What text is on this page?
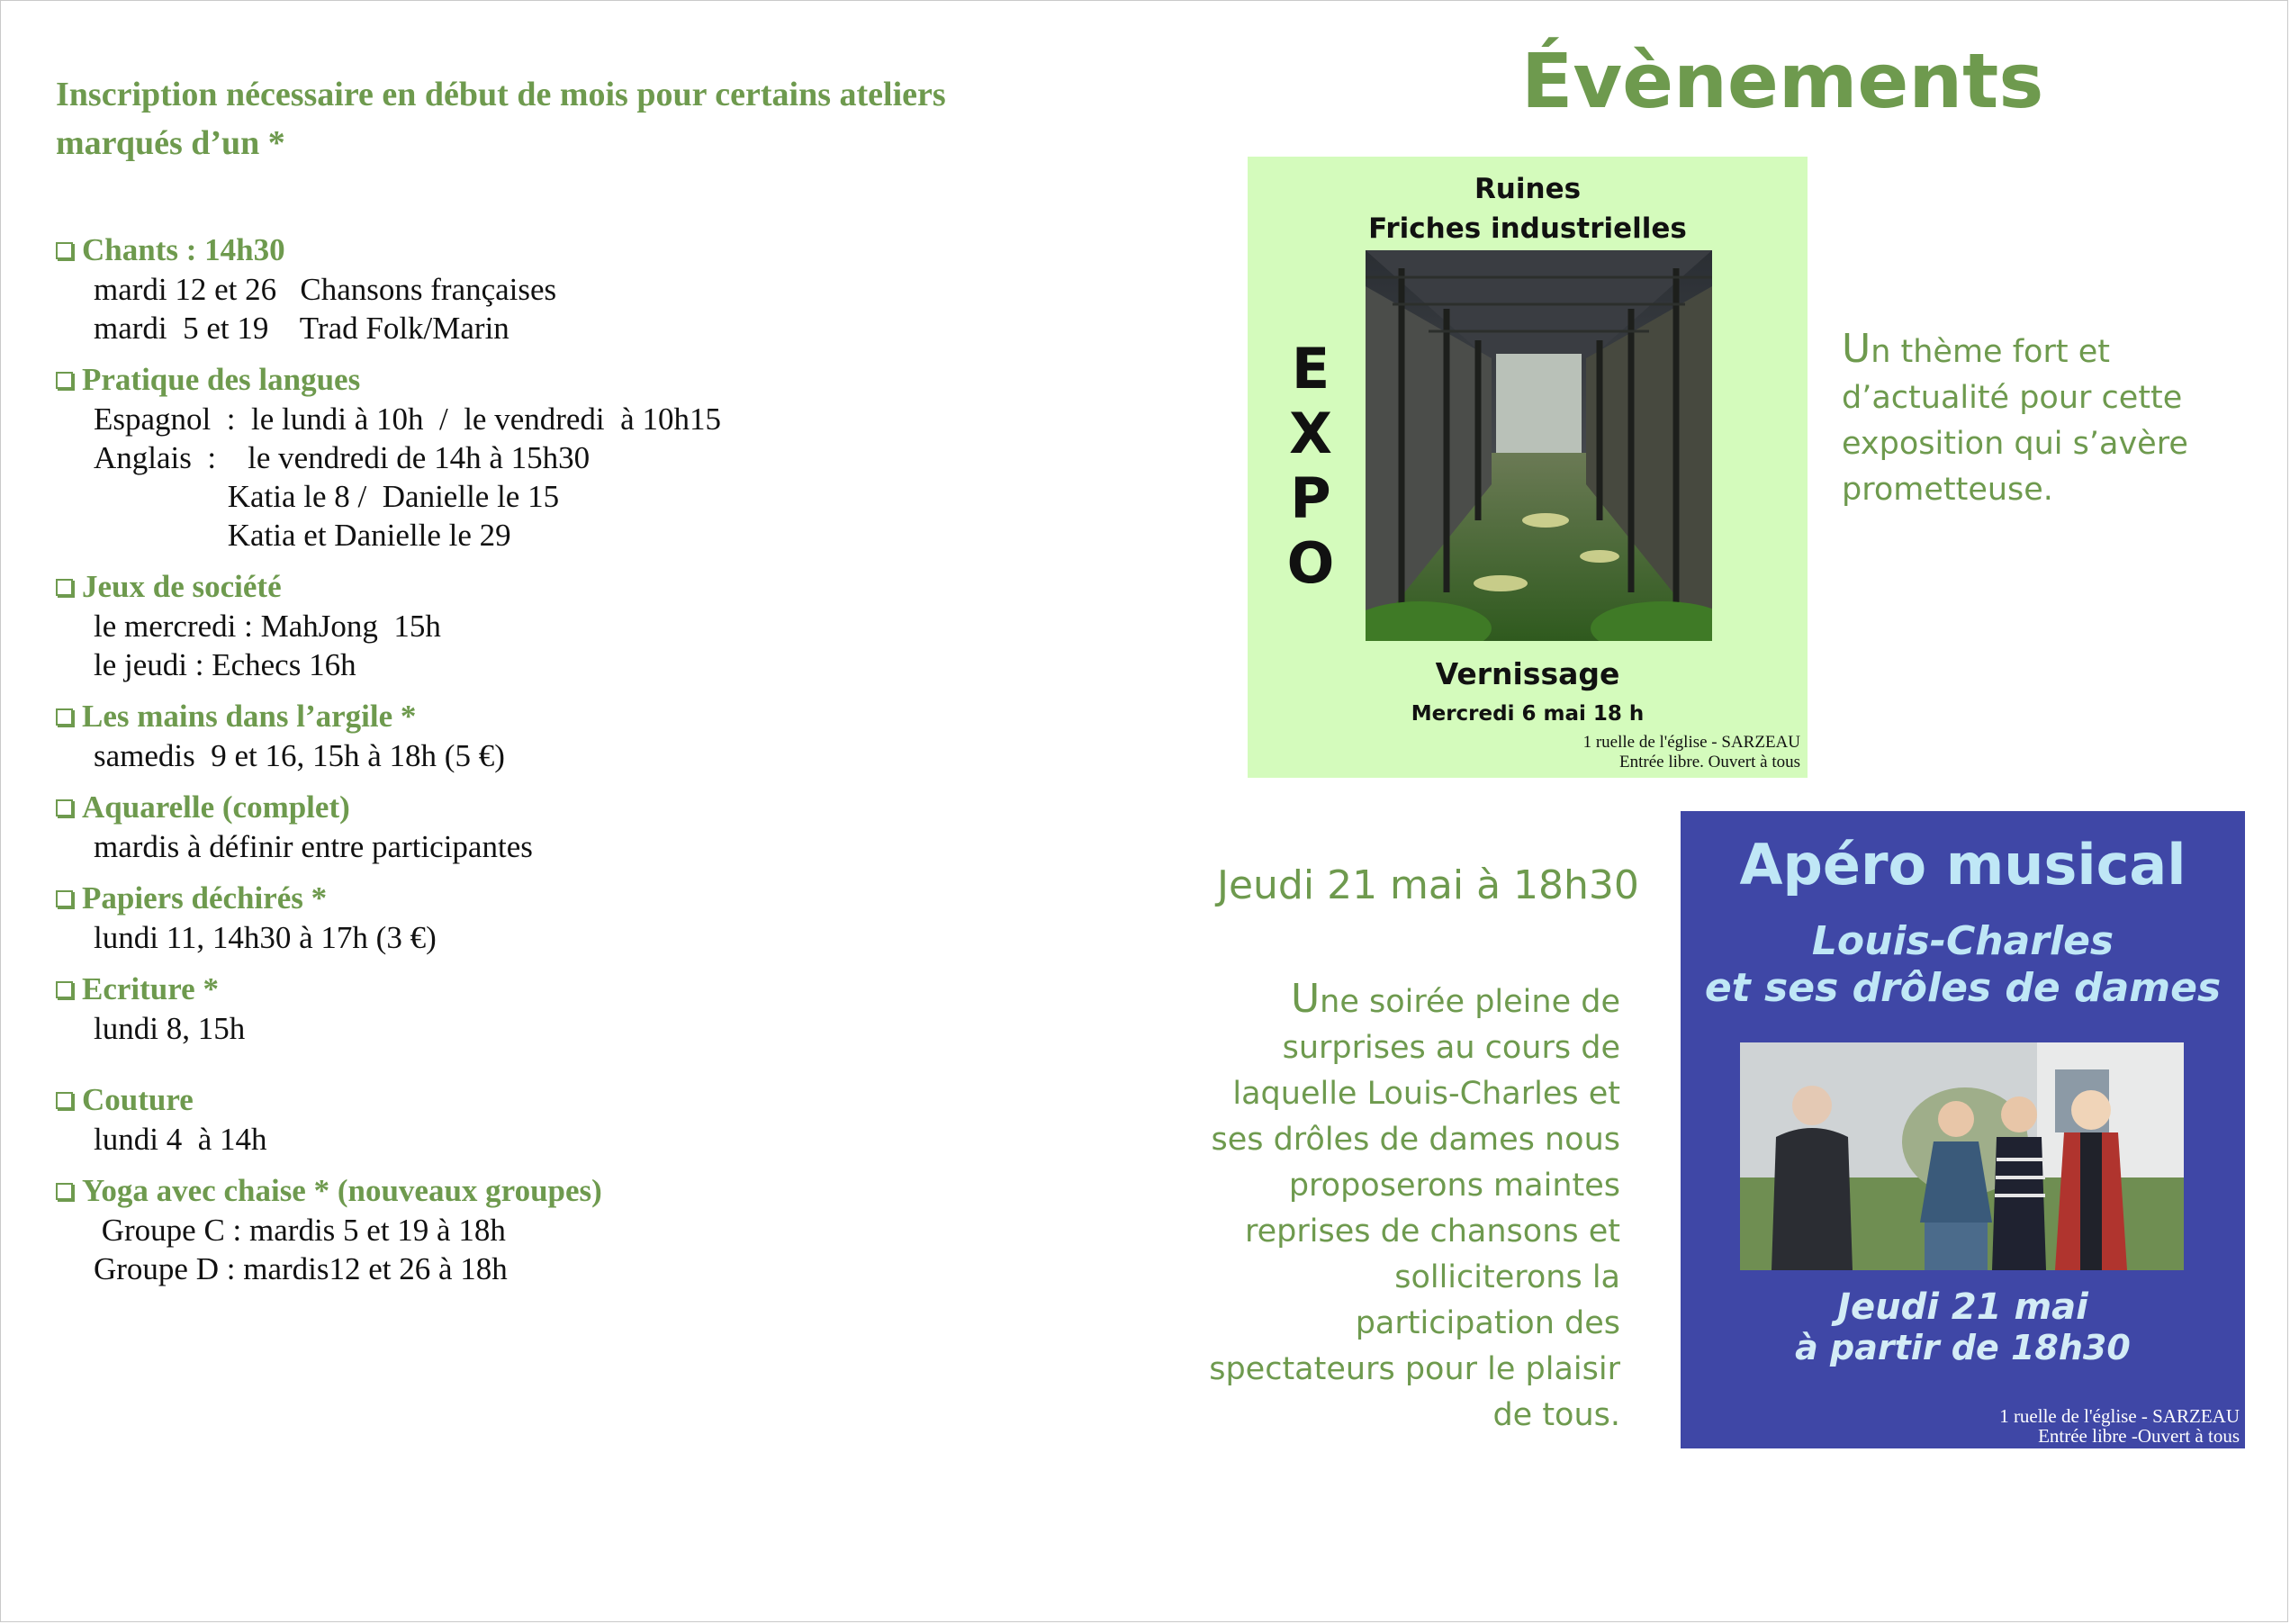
Inscription nécessaire en début de mois pour certains ateliers
marqués d’un *
Chants : 14h30
mardi 12 et 26   Chansons françaises
mardi  5 et 19    Trad Folk/Marin
Pratique des langues
Espagnol  :  le lundi à 10h  /  le vendredi  à 10h15
Anglais  :    le vendredi de 14h à 15h30
Katia le 8 /  Danielle le 15
Katia et Danielle le 29
Jeux de société
le mercredi : MahJong  15h
le jeudi : Echecs 16h
Les mains dans l’argile *
samedis  9 et 16, 15h à 18h (5 €)
Aquarelle (complet)
mardis à définir entre participantes
Papiers déchirés *
lundi 11, 14h30 à 17h (3 €)
Ecriture *
lundi 8, 15h
Couture
lundi 4  à 14h
Yoga avec chaise * (nouveaux groupes)
Groupe C : mardis 5 et 19 à 18h
Groupe D : mardis12 et 26 à 18h
Évènements
Ruines
Friches industrielles
E
X
P
O
Vernissage
Mercredi 6 mai 18 h
1 ruelle de l'église - SARZEAU
Entrée libre. Ouvert à tous
Un thème fort et
d’actualité pour cette
exposition qui s’avère
prometteuse.
Jeudi 21 mai à 18h30
Une soirée pleine de
surprises au cours de
laquelle Louis-Charles et
ses drôles de dames nous
proposerons maintes
reprises de chansons et
solliciterons la
participation des
spectateurs pour le plaisir
de tous.
Apéro musical
Louis-Charles
et ses drôles de dames
Jeudi 21 mai
à partir de 18h30
1 ruelle de l'église - SARZEAU
Entrée libre -Ouvert à tous
